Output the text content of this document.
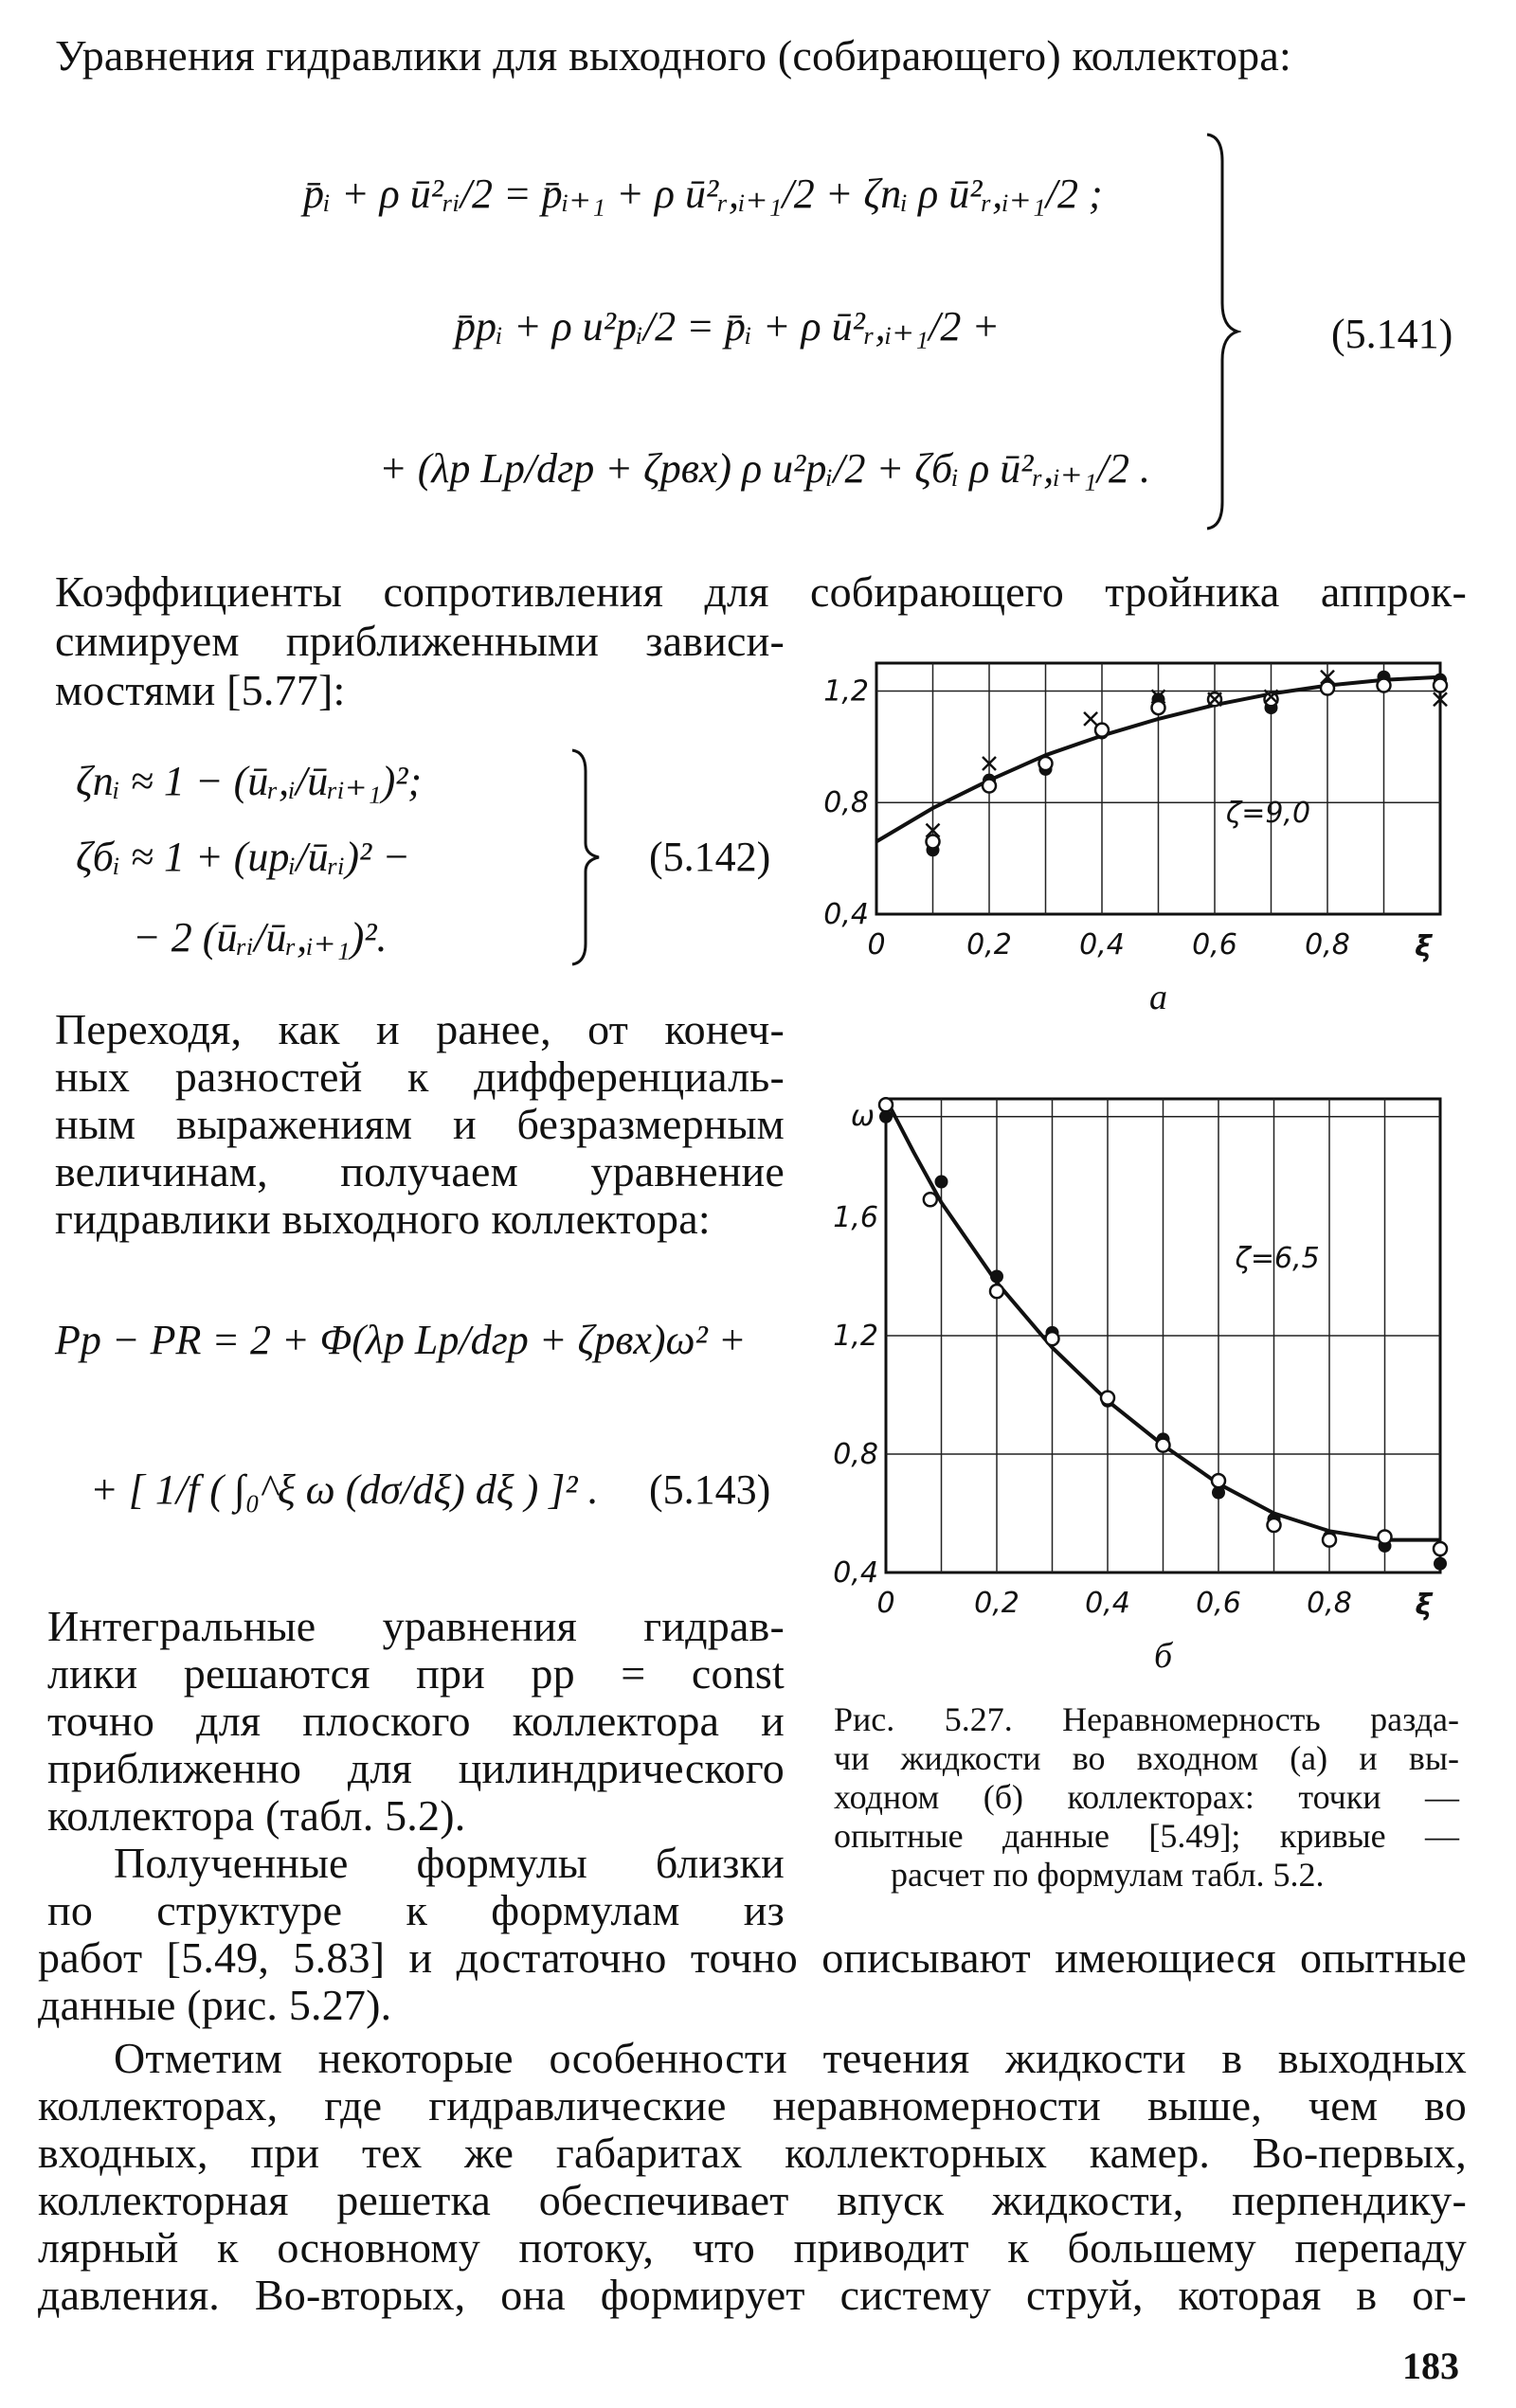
Уравнения гидравлики для выходного (собирающего) коллектора:
p̄ᵢ + ρ ū²ᵣᵢ/2 = p̄ᵢ₊₁ + ρ ū²ᵣ,ᵢ₊₁/2 + ζпᵢ ρ ū²ᵣ,ᵢ₊₁/2 ;
p̄pᵢ + ρ u²pᵢ/2 = p̄ᵢ + ρ ū²ᵣ,ᵢ₊₁/2 +
+ (λp Lp/dгр + ζрвх) ρ u²pᵢ/2 + ζбᵢ ρ ū²ᵣ,ᵢ₊₁/2 .
(5.141)
Коэффициенты сопротивления для собирающего тройника аппрок-
симируем приближенными зависи-
мостями [5.77]:
ζпᵢ ≈ 1 − (ūᵣ,ᵢ/ūᵣᵢ₊₁)²;
ζбᵢ ≈ 1 + (upᵢ/ūᵣᵢ)² −
− 2 (ūᵣᵢ/ūᵣ,ᵢ₊₁)².
(5.142)
Переходя, как и ранее, от конеч-
ных разностей к дифференциаль-
ным выражениям и безразмерным
величинам, получаем уравнение
гидравлики выходного коллектора:
Pp − PR = 2 + Φ(λp Lp/dгр + ζрвх)ω² +
+ [ 1/f ( ∫₀^ξ ω (dσ/dξ) dξ ) ]² . (5.143)
Интегральные уравнения гидрав-
лики решаются при pp = const
точно для плоского коллектора и
приближенно для цилиндрического
коллектора (табл. 5.2).
Полученные формулы близки
по структуре к формулам из
работ [5.49, 5.83] и достаточно точно описывают имеющиеся опытные
данные (рис. 5.27).
Отметим некоторые особенности течения жидкости в выходных
коллекторах, где гидравлические неравномерности выше, чем во
входных, при тех же габаритах коллекторных камер. Во-первых,
коллекторная решетка обеспечивает впуск жидкости, перпендику-
лярный к основному потоку, что приводит к большему перепаду
давления. Во-вторых, она формирует систему струй, которая в ог-
0	0,2 0,4 0,6 0,8 ξ
0,4
0,8
1,2
ζ=9,0
а
0	0,2 0,4 0,6 0,8 ξ
0,4
0,8
1,2
1,6
ω
ζ=6,5
б
Рис. 5.27. Неравномерность разда-
чи жидкости во входном (а) и вы-
ходном (б) коллекторах: точки —
опытные данные [5.49]; кривые —
расчет по формулам табл. 5.2.
183
